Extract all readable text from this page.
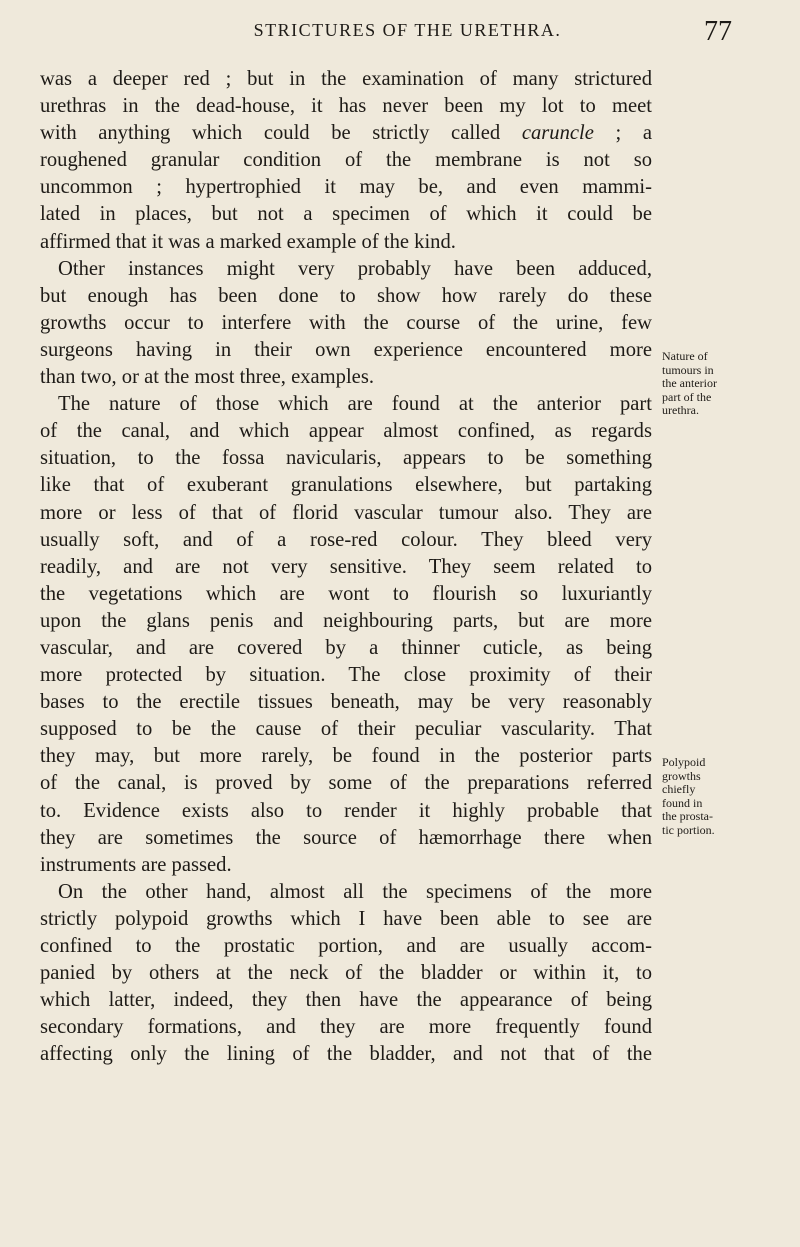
STRICTURES OF THE URETHRA.	77
was a deeper red ; but in the examination of many strictured
urethras in the dead-house, it has never been my lot to meet
with anything which could be strictly called caruncle ; a
roughened granular condition of the membrane is not so
uncommon ; hypertrophied it may be, and even mammi-
lated in places, but not a specimen of which it could be
affirmed that it was a marked example of the kind.
Other instances might very probably have been adduced,
but enough has been done to show how rarely do these
growths occur to interfere with the course of the urine, few
surgeons having in their own experience encountered more
than two, or at the most three, examples.
The nature of those which are found at the anterior part
of the canal, and which appear almost confined, as regards
situation, to the fossa navicularis, appears to be something
like that of exuberant granulations elsewhere, but partaking
more or less of that of florid vascular tumour also. They are
usually soft, and of a rose-red colour. They bleed very
readily, and are not very sensitive. They seem related to
the vegetations which are wont to flourish so luxuriantly
upon the glans penis and neighbouring parts, but are more
vascular, and are covered by a thinner cuticle, as being
more protected by situation. The close proximity of their
bases to the erectile tissues beneath, may be very reasonably
supposed to be the cause of their peculiar vascularity. That
they may, but more rarely, be found in the posterior parts
of the canal, is proved by some of the preparations referred
to. Evidence exists also to render it highly probable that
they are sometimes the source of hæmorrhage there when
instruments are passed.
On the other hand, almost all the specimens of the more
strictly polypoid growths which I have been able to see are
confined to the prostatic portion, and are usually accom-
panied by others at the neck of the bladder or within it, to
which latter, indeed, they then have the appearance of being
secondary formations, and they are more frequently found
affecting only the lining of the bladder, and not that of the
Nature of
tumours in
the anterior
part of the
urethra.
Polypoid
growths
chiefly
found in
the prosta-
tic portion.
